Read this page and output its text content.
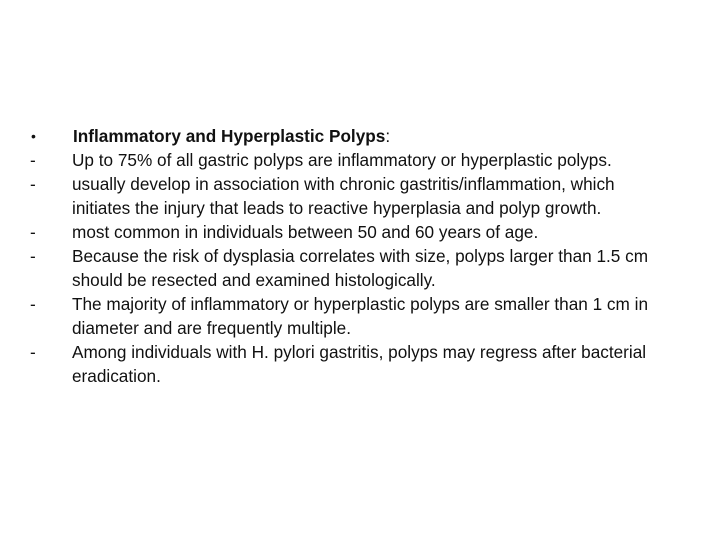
•	Inflammatory and Hyperplastic Polyps:
-	Up to 75% of all gastric polyps are inflammatory or hyperplastic polyps.
-	usually develop in association with chronic gastritis/inflammation, which initiates the injury that leads to reactive hyperplasia and polyp growth.
-	most common in individuals between 50 and 60 years of age.
-	Because the risk of dysplasia correlates with size, polyps larger than 1.5 cm should be resected and examined histologically.
-	The majority of inflammatory or hyperplastic polyps are smaller than 1 cm in diameter and are frequently multiple.
-	Among individuals with H. pylori gastritis, polyps may regress after bacterial eradication.
